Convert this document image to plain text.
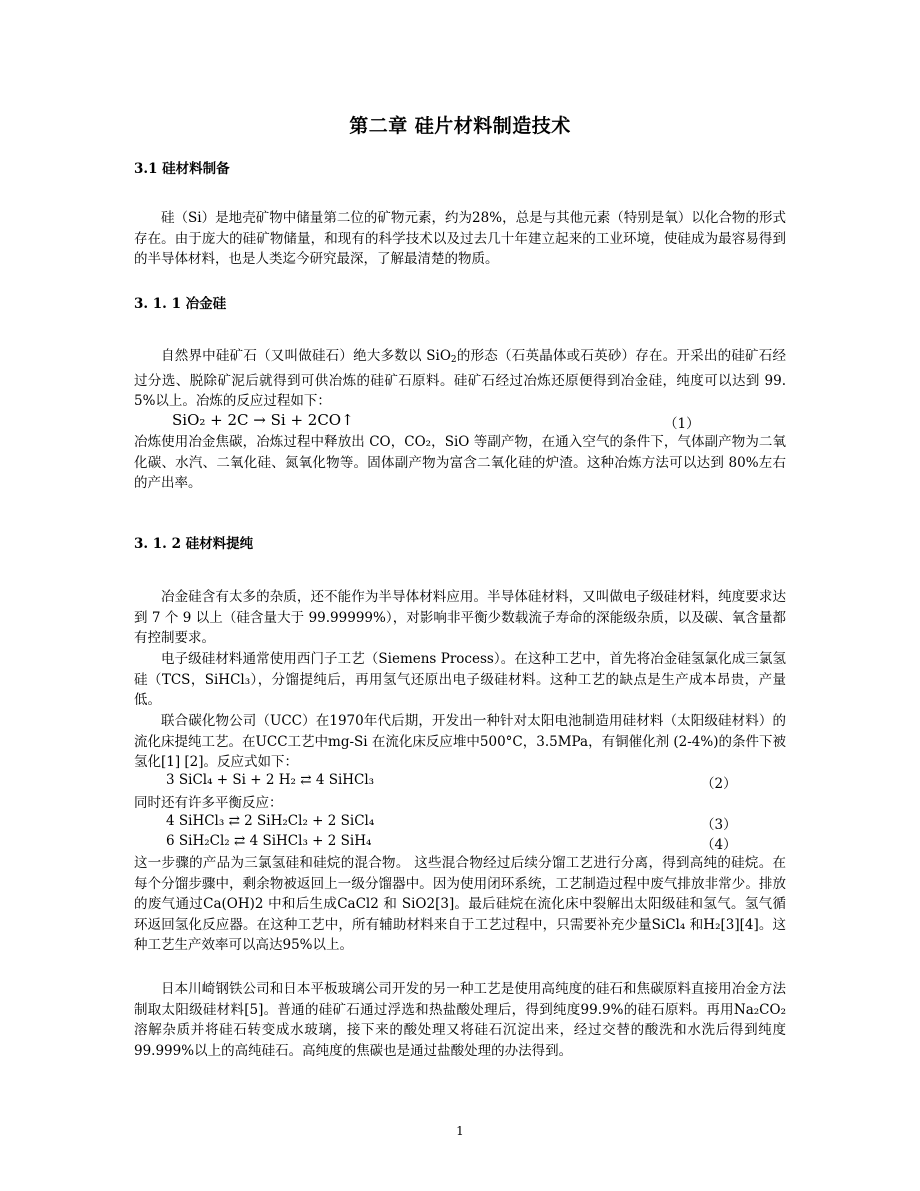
第二章 硅片材料制造技术
3.1 硅材料制备
硅（Si）是地壳矿物中储量第二位的矿物元素，约为28%，总是与其他元素（特别是氧）以化合物的形式存在。由于庞大的硅矿物储量，和现有的科学技术以及过去几十年建立起来的工业环境，使硅成为最容易得到的半导体材料，也是人类迄今研究最深，了解最清楚的物质。
3. 1. 1 冶金硅
自然界中硅矿石（又叫做硅石）绝大多数以 SiO$_2$的形态（石英晶体或石英砂）存在。开采出的硅矿石经过分选、脱除矿泥后就得到可供冶炼的硅矿石原料。硅矿石经过冶炼还原便得到冶金硅，纯度可以达到 99. 5%以上。冶炼的反应过程如下：
SiO₂ + 2C → Si + 2CO↑	（1）
冶炼使用冶金焦碳，冶炼过程中释放出 CO，CO₂，SiO 等副产物，在通入空气的条件下，气体副产物为二氧化碳、水汽、二氧化硅、氮氧化物等。固体副产物为富含二氧化硅的炉渣。这种冶炼方法可以达到 80%左右的产出率。
3. 1. 2 硅材料提纯
冶金硅含有太多的杂质，还不能作为半导体材料应用。半导体硅材料，又叫做电子级硅材料，纯度要求达到 7 个 9 以上（硅含量大于 99.99999%），对影响非平衡少数载流子寿命的深能级杂质，以及碳、氧含量都有控制要求。
电子级硅材料通常使用西门子工艺（Siemens Process）。在这种工艺中，首先将冶金硅氢氯化成三氯氢硅（TCS，SiHCl₃），分馏提纯后，再用氢气还原出电子级硅材料。这种工艺的缺点是生产成本昂贵，产量低。
联合碳化物公司（UCC）在1970年代后期，开发出一种针对太阳电池制造用硅材料（太阳级硅材料）的流化床提纯工艺。在UCC工艺中mg-Si 在流化床反应堆中500°C，3.5MPa，有铜催化剂 (2-4%)的条件下被氢化[1] [2]。反应式如下：
3 SiCl₄ + Si + 2 H₂ ⇄ 4 SiHCl₃	（2）
同时还有许多平衡反应：
4 SiHCl₃ ⇄ 2 SiH₂Cl₂ + 2 SiCl₄	（3）
6 SiH₂Cl₂ ⇄ 4 SiHCl₃ + 2 SiH₄	（4）
这一步骤的产品为三氯氢硅和硅烷的混合物。 这些混合物经过后续分馏工艺进行分离，得到高纯的硅烷。在 每个分馏步骤中，剩余物被返回上一级分馏器中。因为使用闭环系统，工艺制造过程中废气排放非常少。排放的废气通过Ca(OH)2 中和后生成CaCl2 和 SiO2[3]。最后硅烷在流化床中裂解出太阳级硅和氢气。氢气循环返回氢化反应器。在这种工艺中，所有辅助材料来自于工艺过程中，只需要补充少量SiCl₄ 和H₂[3][4]。这种工艺生产效率可以高达95%以上。
日本川崎钢铁公司和日本平板玻璃公司开发的另一种工艺是使用高纯度的硅石和焦碳原料直接用冶金方法制取太阳级硅材料[5]。普通的硅矿石通过浮选和热盐酸处理后，得到纯度99.9%的硅石原料。再用Na₂CO₂溶解杂质并将硅石转变成水玻璃，接下来的酸处理又将硅石沉淀出来，经过交替的酸洗和水洗后得到纯度99.999%以上的高纯硅石。高纯度的焦碳也是通过盐酸处理的办法得到。
1
